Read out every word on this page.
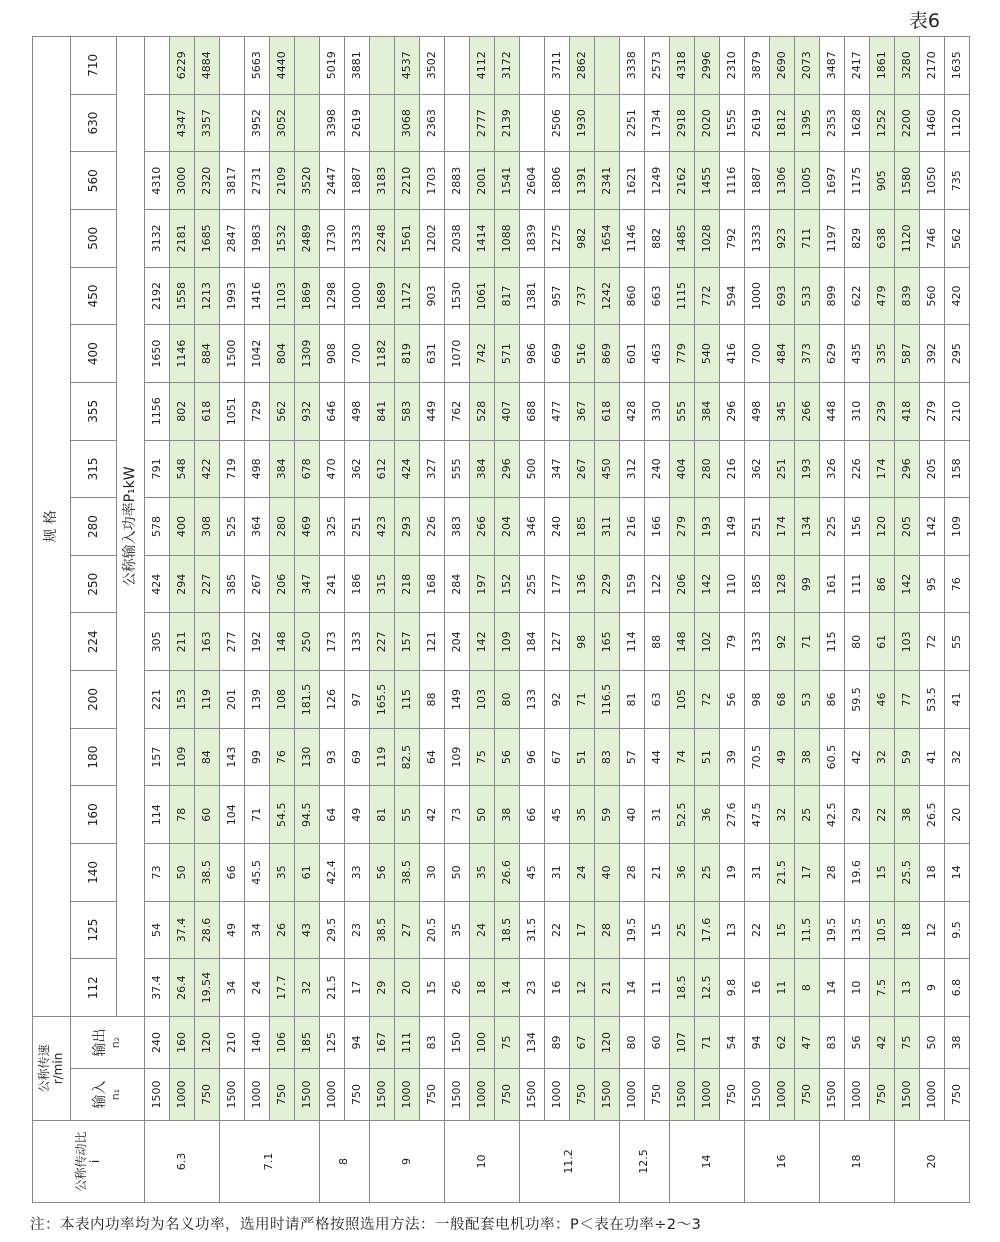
表6
公称传动比
i	公称传速
r/min		规 格																
	输入 n₁	输出 n₂	112	125	140	160	180	200	224	250	280	315	355	400	450	500	560	630	710
			公称输入功率P₁kW																
6.3	1500	240	37.4	54	73	114	157	221	305	424	578	791	1156	1650	2192	3132	4310		
	1000	160	26.4	37.4	50	78	109	153	211	294	400	548	802	1146	1558	2181	3000	4347	6229
	750	120	19.54	28.6	38.5	60	84	119	163	227	308	422	618	884	1213	1685	2320	3357	4884
7.1	1500	210	34	49	66	104	143	201	277	385	525	719	1051	1500	1993	2847	3817		
	1000	140	24	34	45.5	71	99	139	192	267	364	498	729	1042	1416	1983	2731	3952	5663
	750	106	17.7	26	35	54.5	76	108	148	206	280	384	562	804	1103	1532	2109	3052	4440
	1500	185	32	43	61	94.5	130	181.5	250	347	469	678	932	1309	1869	2489	3520		
8	1000	125	21.5	29.5	42.4	64	93	126	173	241	325	470	646	908	1298	1730	2447	3398	5019
	750	94	17	23	33	49	69	97	133	186	251	362	498	700	1000	1333	1887	2619	3881
9	1500	167	29	38.5	56	81	119	165.5	227	315	423	612	841	1182	1689	2248	3183		
	1000	111	20	27	38.5	55	82.5	115	157	218	293	424	583	819	1172	1561	2210	3068	4537
	750	83	15	20.5	30	42	64	88	121	168	226	327	449	631	903	1202	1703	2363	3502
10	1500	150	26	35	50	73	109	149	204	284	383	555	762	1070	1530	2038	2883		
	1000	100	18	24	35	50	75	103	142	197	266	384	528	742	1061	1414	2001	2777	4112
	750	75	14	18.5	26.6	38	56	80	109	152	204	296	407	571	817	1088	1541	2139	3172
11.2	1500	134	23	31.5	45	66	96	133	184	255	346	500	688	986	1381	1839	2604		
	1000	89	16	22	31	45	67	92	127	177	240	347	477	669	957	1275	1806	2506	3711
	750	67	12	17	24	35	51	71	98	136	185	267	367	516	737	982	1391	1930	2862
	1500	120	21	28	40	59	83	116.5	165	229	311	450	618	869	1242	1654	2341		
12.5	1000	80	14	19.5	28	40	57	81	114	159	216	312	428	601	860	1146	1621	2251	3338
	750	60	11	15	21	31	44	63	88	122	166	240	330	463	663	882	1249	1734	2573
14	1500	107	18.5	25	36	52.5	74	105	148	206	279	404	555	779	1115	1485	2162	2918	4318
	1000	71	12.5	17.6	25	36	51	72	102	142	193	280	384	540	772	1028	1455	2020	2996
	750	54	9.8	13	19	27.6	39	56	79	110	149	216	296	416	594	792	1116	1555	2310
16	1500	94	16	22	31	47.5	70.5	98	133	185	251	362	498	700	1000	1333	1887	2619	3879
	1000	62	11	15	21.5	32	49	68	92	128	174	251	345	484	693	923	1306	1812	2690
	750	47	8	11.5	17	25	38	53	71	99	134	193	266	373	533	711	1005	1395	2073
18	1500	83	14	19.5	28	42.5	60.5	86	115	161	225	326	448	629	899	1197	1697	2353	3487
	1000	56	10	13.5	19.6	29	42	59.5	80	111	156	226	310	435	622	829	1175	1628	2417
	750	42	7.5	10.5	15	22	32	46	61	86	120	174	239	335	479	638	905	1252	1861
20	1500	75	13	18	25.5	38	59	77	103	142	205	296	418	587	839	1120	1580	2200	3280
	1000	50	9	12	18	26.5	41	53.5	72	95	142	205	279	392	560	746	1050	1460	2170
	750	38	6.8	9.5	14	20	32	41	55	76	109	158	210	295	420	562	735	1120	1635
注：本表内功率均为名义功率，选用时请严格按照选用方法：一般配套电机功率：P＜表在功率÷2～3
